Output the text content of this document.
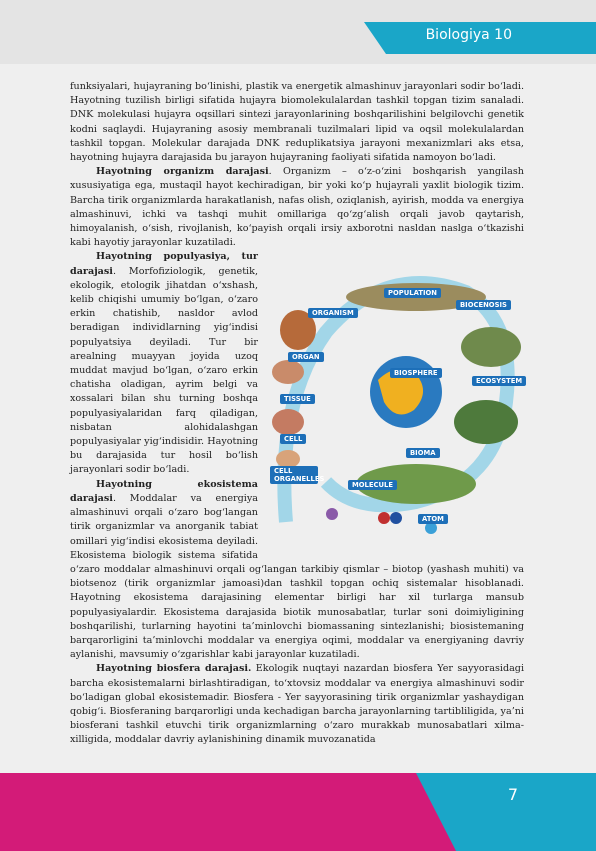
Biologiya 10

funksiyalari, hujayraning bo‘linishi, plastik va energetik almashinuv jarayonlari sodir bo‘ladi. Hayotning tuzilish birligi sifatida hujayra biomolekulalardan tashkil topgan tizim sanaladi. DNK molekulasi hujayra oqsillari sintezi jarayonlarining boshqarilishini belgilovchi genetik kodni saqlaydi. Hujayraning asosiy membranali tuzilmalari lipid va oqsil molekulalardan tashkil topgan. Molekular darajada DNK reduplikatsiya jarayoni mexanizmlari aks etsa, hayotning hujayra darajasida bu jarayon hujayraning faoliyati sifatida namoyon bo‘ladi.

Hayotning organizm darajasi. Organizm – o‘z-o‘zini boshqarish yangilash xususiyatiga ega, mustaqil hayot kechiradigan, bir yoki ko‘p hujayrali yaxlit biologik tizim. Barcha tirik organizmlarda harakatlanish, nafas olish, oziqlanish, ayirish, modda va energiya almashinuvi, ichki va tashqi muhit omillariga qo‘zg‘alish orqali javob qaytarish, himoyalanish, o‘sish, rivojlanish, ko‘payish orqali irsiy axborotni nasldan naslga o‘tkazishi kabi hayotiy jarayonlar kuzatiladi.

POPULATION
BIOCENOSIS
ORGANISM
ORGAN
BIOSPHERE
ECOSYSTEM
TISSUE
CELL
BIOMA
CELL ORGANELLES
MOLECULE
ATOM

Hayotning populyasiya, tur darajasi. Morfofiziologik, genetik, ekologik, etologik jihatdan o‘xshash, kelib chiqishi umumiy bo‘lgan, o‘zaro erkin chatishib, nasldor avlod beradigan individlarning yig‘indisi populyatsiya deyiladi. Tur bir arealning muayyan joyida uzoq muddat mavjud bo‘lgan, o‘zaro erkin chatisha oladigan, ayrim belgi va xossalari bilan shu turning boshqa populyasiyalaridan farq qiladigan, nisbatan alohidalashgan populyasiyalar yig‘indisidir. Hayotning bu darajasida tur hosil bo‘lish jarayonlari sodir bo‘ladi.

Hayotning ekosistema darajasi. Moddalar va energiya almashinuvi orqali o‘zaro bog‘langan tirik organizmlar va anorganik tabiat omillari yig‘indisi ekosistema deyiladi. Ekosistema biologik sistema sifatida o‘zaro moddalar almashinuvi orqali og‘langan tarkibiy qismlar – biotop (yashash muhiti) va biotsenoz (tirik organizmlar jamoasi)dan tashkil topgan ochiq sistemalar hisoblanadi. Hayotning ekosistema darajasining elementar birligi har xil turlarga mansub populyasiyalardir. Ekosistema darajasida biotik munosabatlar, turlar soni doimiyligining boshqarilishi, turlarning hayotini ta’minlovchi biomassaning sintezlanishi; biosistemaning barqarorligini ta’minlovchi moddalar va energiya oqimi, moddalar va energiyaning davriy aylanishi, mavsumiy o‘zgarishlar kabi jarayonlar kuzatiladi.

Hayotning biosfera darajasi. Ekologik nuqtayi nazardan biosfera Yer sayyorasidagi barcha ekosistemalarni birlashtiradigan, to‘xtovsiz moddalar va energiya almashinuvi sodir bo‘ladigan global ekosistemadir. Biosfera - Yer sayyorasining tirik organizmlar yashaydigan qobig‘i. Biosferaning barqarorligi unda kechadigan barcha jarayonlarning tartibliligida, ya’ni biosferani tashkil etuvchi tirik organizmlarning o‘zaro murakkab munosabatlari xilma-xilligida, moddalar davriy aylanishining dinamik muvozanatida

7
